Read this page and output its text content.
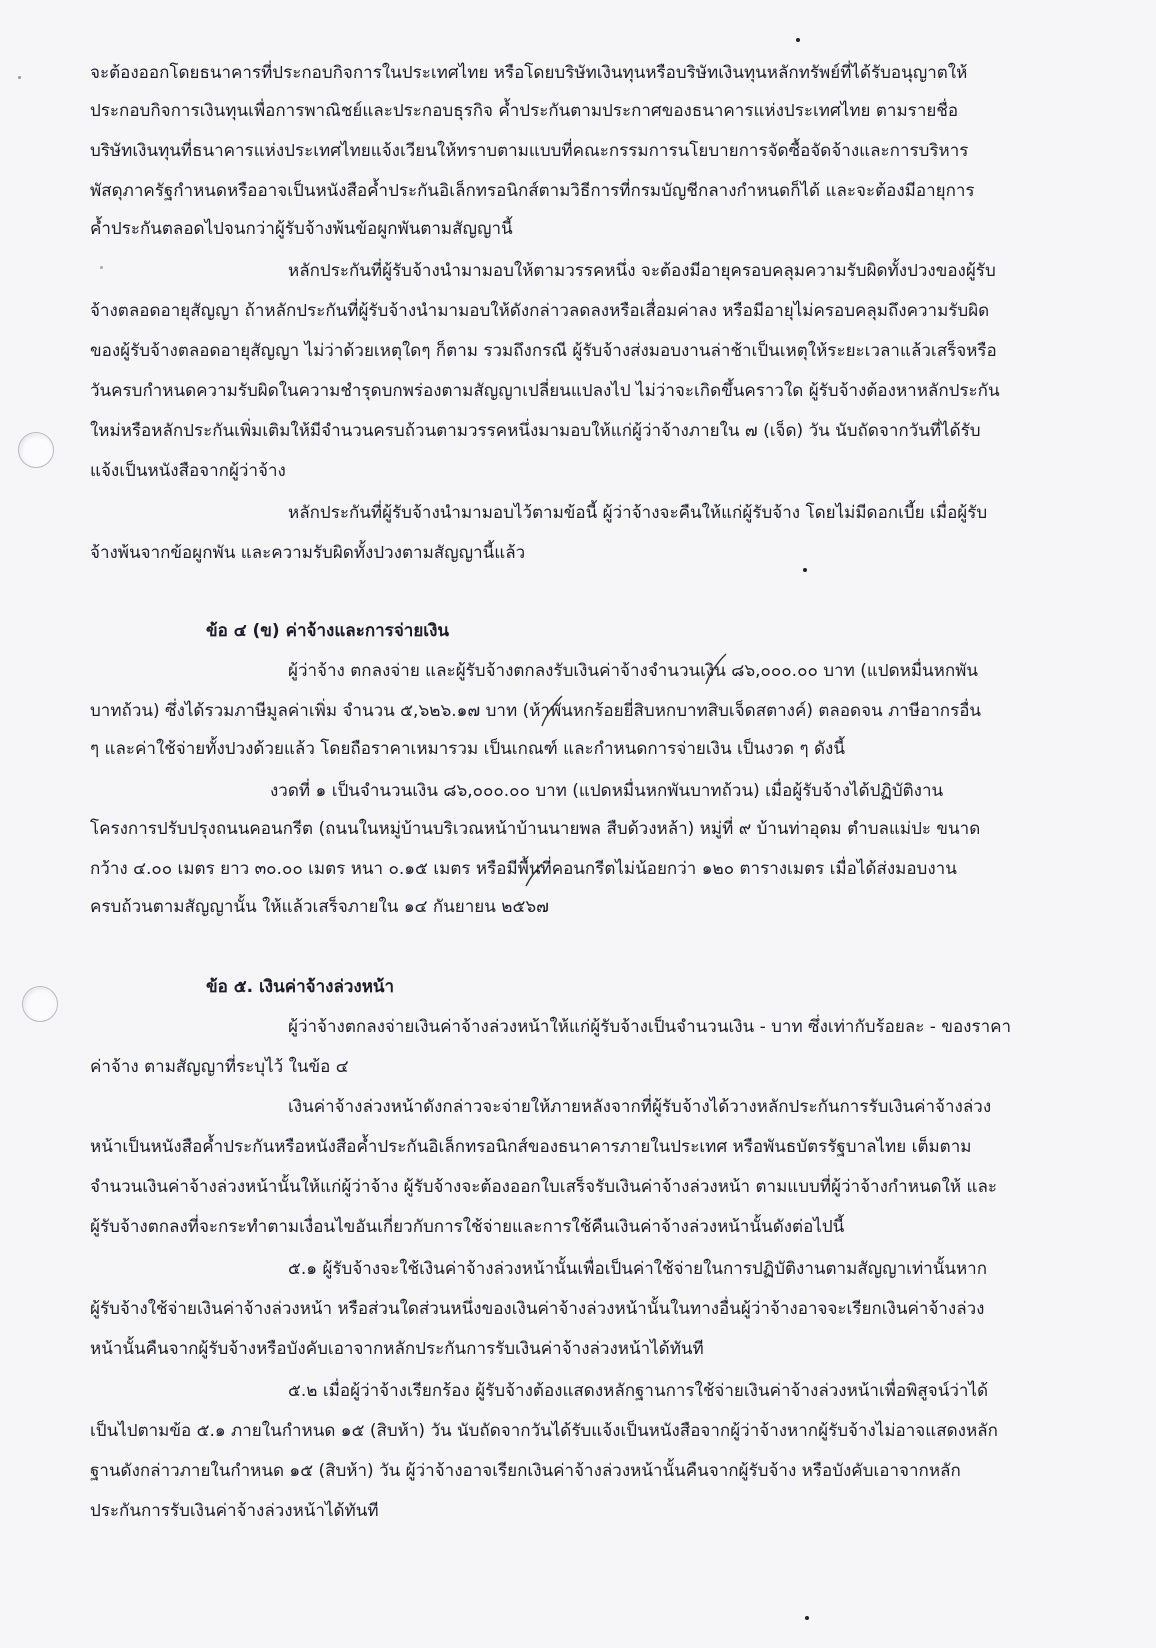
จะต้องออกโดยธนาคารที่ประกอบกิจการในประเทศไทย หรือโดยบริษัทเงินทุนหรือบริษัทเงินทุนหลักทรัพย์ที่ได้รับอนุญาตให้
ประกอบกิจการเงินทุนเพื่อการพาณิชย์และประกอบธุรกิจ ค้ำประกันตามประกาศของธนาคารแห่งประเทศไทย ตามรายชื่อ
บริษัทเงินทุนที่ธนาคารแห่งประเทศไทยแจ้งเวียนให้ทราบตามแบบที่คณะกรรมการนโยบายการจัดซื้อจัดจ้างและการบริหาร
พัสดุภาครัฐกำหนดหรืออาจเป็นหนังสือค้ำประกันอิเล็กทรอนิกส์ตามวิธีการที่กรมบัญชีกลางกำหนดก็ได้ และจะต้องมีอายุการ
ค้ำประกันตลอดไปจนกว่าผู้รับจ้างพ้นข้อผูกพันตามสัญญานี้
หลักประกันที่ผู้รับจ้างนำมามอบให้ตามวรรคหนึ่ง จะต้องมีอายุครอบคลุมความรับผิดทั้งปวงของผู้รับ
จ้างตลอดอายุสัญญา ถ้าหลักประกันที่ผู้รับจ้างนำมามอบให้ดังกล่าวลดลงหรือเสื่อมค่าลง หรือมีอายุไม่ครอบคลุมถึงความรับผิด
ของผู้รับจ้างตลอดอายุสัญญา ไม่ว่าด้วยเหตุใดๆ ก็ตาม รวมถึงกรณี ผู้รับจ้างส่งมอบงานล่าช้าเป็นเหตุให้ระยะเวลาแล้วเสร็จหรือ
วันครบกำหนดความรับผิดในความชำรุดบกพร่องตามสัญญาเปลี่ยนแปลงไป ไม่ว่าจะเกิดขึ้นคราวใด ผู้รับจ้างต้องหาหลักประกัน
ใหม่หรือหลักประกันเพิ่มเติมให้มีจำนวนครบถ้วนตามวรรคหนึ่งมามอบให้แก่ผู้ว่าจ้างภายใน ๗ (เจ็ด) วัน นับถัดจากวันที่ได้รับ
แจ้งเป็นหนังสือจากผู้ว่าจ้าง
หลักประกันที่ผู้รับจ้างนำมามอบไว้ตามข้อนี้ ผู้ว่าจ้างจะคืนให้แก่ผู้รับจ้าง โดยไม่มีดอกเบี้ย เมื่อผู้รับ
จ้างพ้นจากข้อผูกพัน และความรับผิดทั้งปวงตามสัญญานี้แล้ว
ข้อ ๔ (ข) ค่าจ้างและการจ่ายเงิน
ผู้ว่าจ้าง ตกลงจ่าย และผู้รับจ้างตกลงรับเงินค่าจ้างจำนวนเงิน ๘๖,๐๐๐.๐๐ บาท (แปดหมื่นหกพัน
บาทถ้วน) ซึ่งได้รวมภาษีมูลค่าเพิ่ม จำนวน ๕,๖๒๖.๑๗ บาท (ห้าพันหกร้อยยี่สิบหกบาทสิบเจ็ดสตางค์) ตลอดจน ภาษีอากรอื่น
ๆ และค่าใช้จ่ายทั้งปวงด้วยแล้ว โดยถือราคาเหมารวม เป็นเกณฑ์ และกำหนดการจ่ายเงิน เป็นงวด ๆ ดังนี้
งวดที่ ๑ เป็นจำนวนเงิน ๘๖,๐๐๐.๐๐ บาท (แปดหมื่นหกพันบาทถ้วน) เมื่อผู้รับจ้างได้ปฏิบัติงาน
โครงการปรับปรุงถนนคอนกรีต (ถนนในหมู่บ้านบริเวณหน้าบ้านนายพล สืบด้วงหล้า) หมู่ที่ ๙ บ้านท่าอุดม ตำบลแม่ปะ ขนาด
กว้าง ๔.๐๐ เมตร ยาว ๓๐.๐๐ เมตร หนา ๐.๑๕ เมตร หรือมีพื้นที่คอนกรีตไม่น้อยกว่า ๑๒๐ ตารางเมตร เมื่อได้ส่งมอบงาน
ครบถ้วนตามสัญญานั้น ให้แล้วเสร็จภายใน ๑๔ กันยายน ๒๕๖๗
ข้อ ๕. เงินค่าจ้างล่วงหน้า
ผู้ว่าจ้างตกลงจ่ายเงินค่าจ้างล่วงหน้าให้แก่ผู้รับจ้างเป็นจำนวนเงิน - บาท ซึ่งเท่ากับร้อยละ - ของราคา
ค่าจ้าง ตามสัญญาที่ระบุไว้ ในข้อ ๔
เงินค่าจ้างล่วงหน้าดังกล่าวจะจ่ายให้ภายหลังจากที่ผู้รับจ้างได้วางหลักประกันการรับเงินค่าจ้างล่วง
หน้าเป็นหนังสือค้ำประกันหรือหนังสือค้ำประกันอิเล็กทรอนิกส์ของธนาคารภายในประเทศ หรือพันธบัตรรัฐบาลไทย เต็มตาม
จำนวนเงินค่าจ้างล่วงหน้านั้นให้แก่ผู้ว่าจ้าง ผู้รับจ้างจะต้องออกใบเสร็จรับเงินค่าจ้างล่วงหน้า ตามแบบที่ผู้ว่าจ้างกำหนดให้ และ
ผู้รับจ้างตกลงที่จะกระทำตามเงื่อนไขอันเกี่ยวกับการใช้จ่ายและการใช้คืนเงินค่าจ้างล่วงหน้านั้นดังต่อไปนี้
๕.๑ ผู้รับจ้างจะใช้เงินค่าจ้างล่วงหน้านั้นเพื่อเป็นค่าใช้จ่ายในการปฏิบัติงานตามสัญญาเท่านั้นหาก
ผู้รับจ้างใช้จ่ายเงินค่าจ้างล่วงหน้า หรือส่วนใดส่วนหนึ่งของเงินค่าจ้างล่วงหน้านั้นในทางอื่นผู้ว่าจ้างอาจจะเรียกเงินค่าจ้างล่วง
หน้านั้นคืนจากผู้รับจ้างหรือบังคับเอาจากหลักประกันการรับเงินค่าจ้างล่วงหน้าได้ทันที
๕.๒ เมื่อผู้ว่าจ้างเรียกร้อง ผู้รับจ้างต้องแสดงหลักฐานการใช้จ่ายเงินค่าจ้างล่วงหน้าเพื่อพิสูจน์ว่าได้
เป็นไปตามข้อ ๕.๑ ภายในกำหนด ๑๕ (สิบห้า) วัน นับถัดจากวันได้รับแจ้งเป็นหนังสือจากผู้ว่าจ้างหากผู้รับจ้างไม่อาจแสดงหลัก
ฐานดังกล่าวภายในกำหนด ๑๕ (สิบห้า) วัน ผู้ว่าจ้างอาจเรียกเงินค่าจ้างล่วงหน้านั้นคืนจากผู้รับจ้าง หรือบังคับเอาจากหลัก
ประกันการรับเงินค่าจ้างล่วงหน้าได้ทันที
